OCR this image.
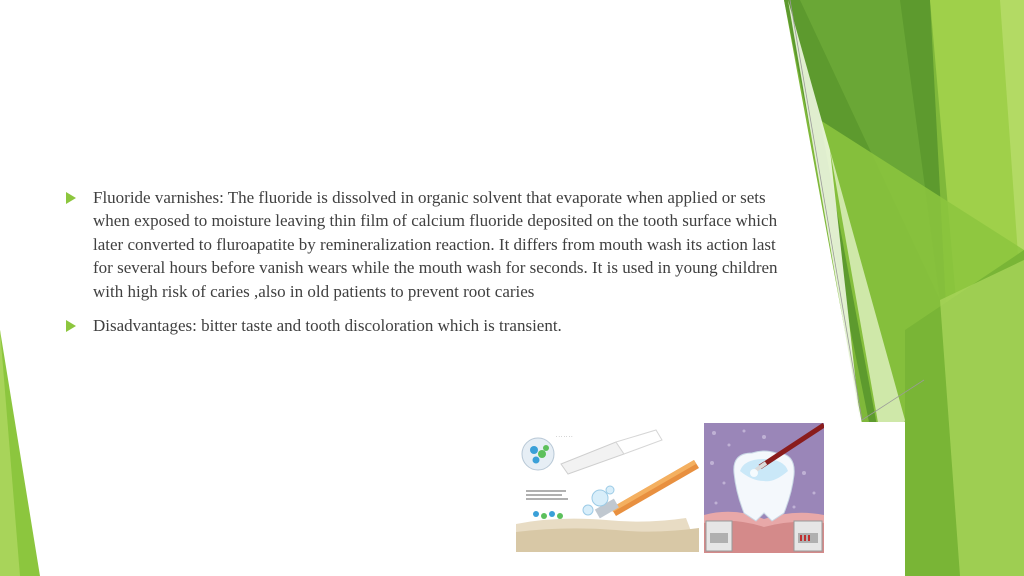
Fluoride varnishes: The fluoride is dissolved in organic solvent that evaporate when applied or sets when exposed to moisture leaving thin film of calcium fluoride deposited on the tooth surface which later converted to fluroapatite by remineralization reaction. It differs from mouth wash its action last for several hours before vanish wears while the mouth wash for seconds. It is used in young children with high risk of caries ,also in old patients to prevent root caries
Disadvantages: bitter taste and tooth discoloration which is transient.
· · · · · · ·
